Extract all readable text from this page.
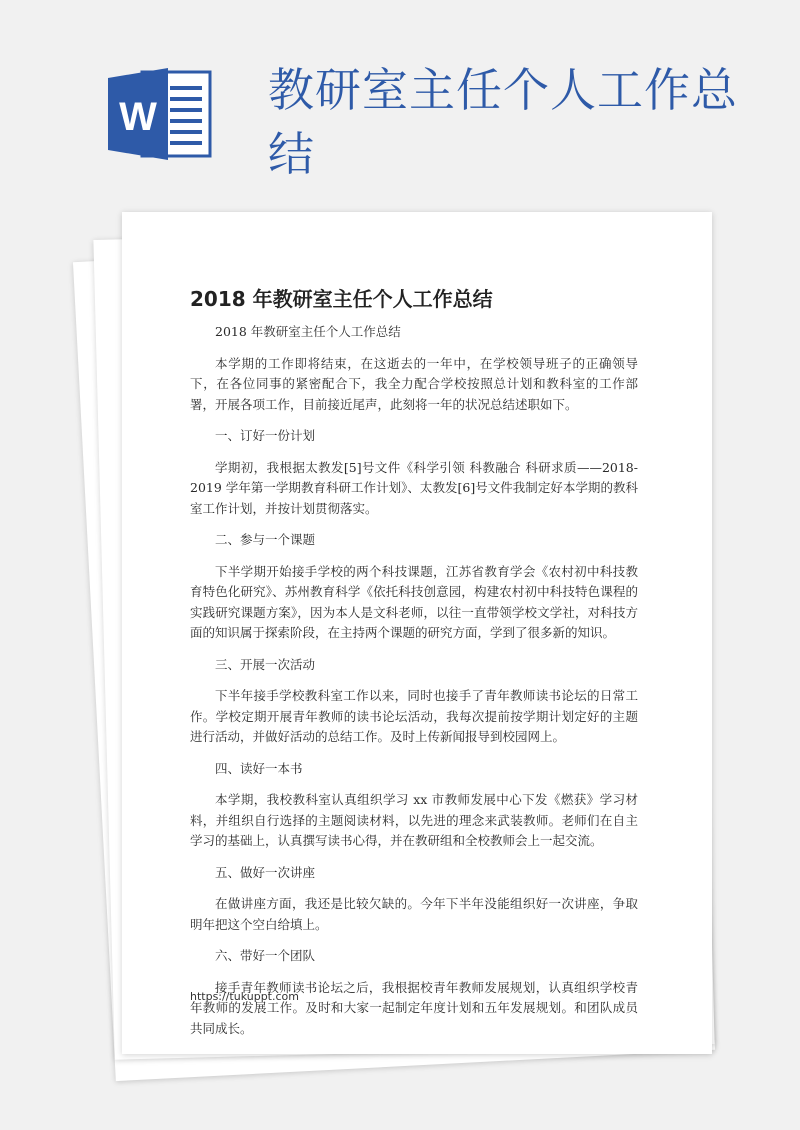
W 教研室主任个人工作总结
2018 年教研室主任个人工作总结

2018 年教研室主任个人工作总结

本学期的工作即将结束，在这逝去的一年中，在学校领导班子的正确领导下，在各位同事的紧密配合下，我全力配合学校按照总计划和教科室的工作部署，开展各项工作，目前接近尾声，此刻将一年的状况总结述职如下。

一、订好一份计划

学期初，我根据太教发[5]号文件《科学引领 科教融合 科研求质——2018-2019 学年第一学期教育科研工作计划》、太教发[6]号文件我制定好本学期的教科室工作计划，并按计划贯彻落实。

二、参与一个课题

下半学期开始接手学校的两个科技课题，江苏省教育学会《农村初中科技教育特色化研究》、苏州教育科学《依托科技创意园，构建农村初中科技特色课程的实践研究课题方案》，因为本人是文科老师，以往一直带领学校文学社，对科技方面的知识属于探索阶段，在主持两个课题的研究方面，学到了很多新的知识。

三、开展一次活动

下半年接手学校教科室工作以来，同时也接手了青年教师读书论坛的日常工作。学校定期开展青年教师的读书论坛活动，我每次提前按学期计划定好的主题进行活动，并做好活动的总结工作。及时上传新闻报导到校园网上。

四、读好一本书

本学期，我校教科室认真组织学习 xx 市教师发展中心下发《燃获》学习材料，并组织自行选择的主题阅读材料，以先进的理念来武装教师。老师们在自主学习的基础上，认真撰写读书心得，并在教研组和全校教师会上一起交流。

五、做好一次讲座

在做讲座方面，我还是比较欠缺的。今年下半年没能组织好一次讲座，争取明年把这个空白给填上。

六、带好一个团队

接手青年教师读书论坛之后，我根据校青年教师发展规划，认真组织学校青年教师的发展工作。及时和大家一起制定年度计划和五年发展规划。和团队成员共同成长。

https://tukuppt.com
